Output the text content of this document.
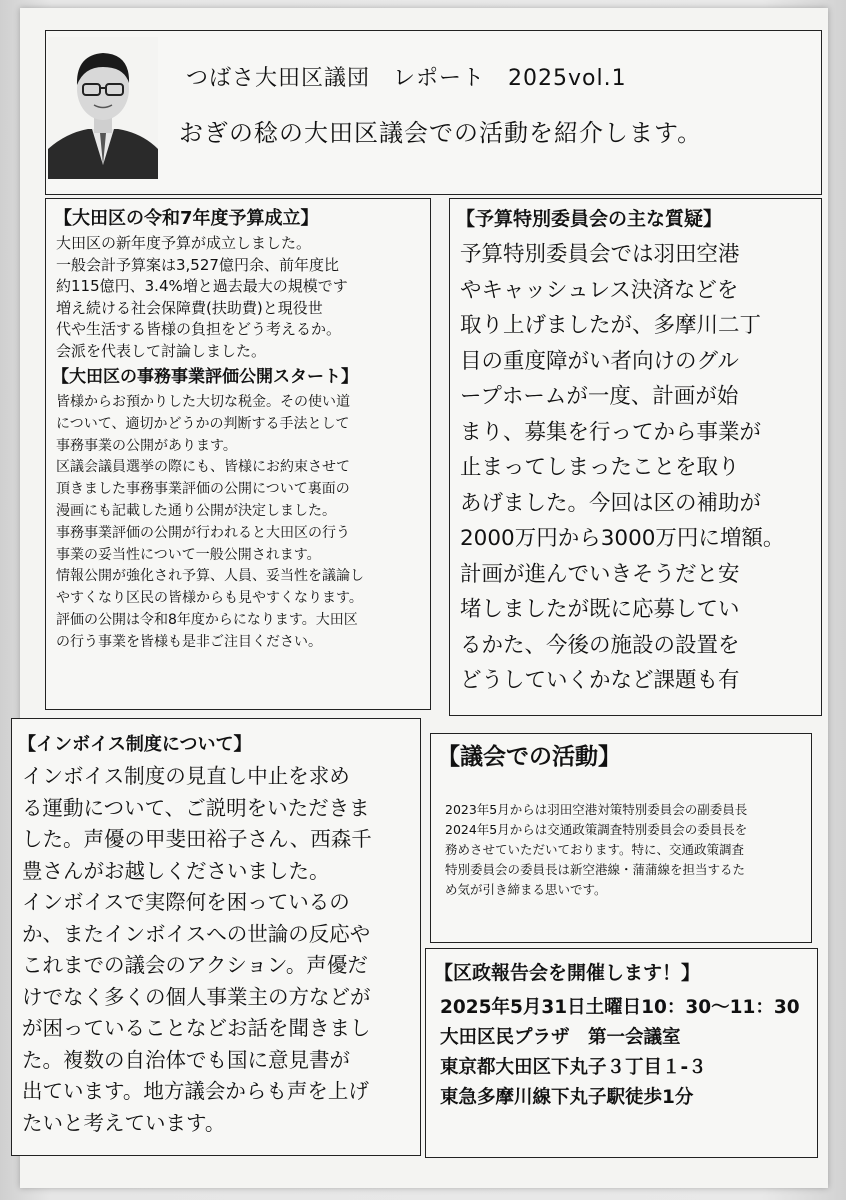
つばさ大田区議団　レポート　2025vol.1
おぎの稔の大田区議会での活動を紹介します。
【大田区の令和7年度予算成立】
大田区の新年度予算が成立しました。
一般会計予算案は3,527億円余、前年度比
約115億円、3.4%増と過去最大の規模です
増え続ける社会保障費(扶助費)と現役世
代や生活する皆様の負担をどう考えるか。
会派を代表して討論しました。
【大田区の事務事業評価公開スタート】
皆様からお預かりした大切な税金。その使い道
について、適切かどうかの判断する手法として
事務事業の公開があります。
区議会議員選挙の際にも、皆様にお約束させて
頂きました事務事業評価の公開について裏面の
漫画にも記載した通り公開が決定しました。
事務事業評価の公開が行われると大田区の行う
事業の妥当性について一般公開されます。
情報公開が強化され予算、人員、妥当性を議論し
やすくなり区民の皆様からも見やすくなります。
評価の公開は令和8年度からになります。大田区
の行う事業を皆様も是非ご注目ください。
【予算特別委員会の主な質疑】
予算特別委員会では羽田空港
やキャッシュレス決済などを
取り上げましたが、多摩川二丁
目の重度障がい者向けのグル
ープホームが一度、計画が始
まり、募集を行ってから事業が
止まってしまったことを取り
あげました。今回は区の補助が
2000万円から3000万円に増額。
計画が進んでいきそうだと安
堵しましたが既に応募してい
るかた、今後の施設の設置を
どうしていくかなど課題も有
【インボイス制度について】
インボイス制度の見直し中止を求め
る運動について、ご説明をいただきま
した。声優の甲斐田裕子さん、西森千
豊さんがお越しくださいました。
インボイスで実際何を困っているの
か、またインボイスへの世論の反応や
これまでの議会のアクション。声優だ
けでなく多くの個人事業主の方などが
が困っていることなどお話を聞きまし
た。複数の自治体でも国に意見書が
出ています。地方議会からも声を上げ
たいと考えています。
【議会での活動】
2023年5月からは羽田空港対策特別委員会の副委員長
2024年5月からは交通政策調査特別委員会の委員長を
務めさせていただいております。特に、交通政策調査
特別委員会の委員長は新空港線・蒲蒲線を担当するた
め気が引き締まる思いです。
【区政報告会を開催します！】
2025年5月31日土曜日10：30～11：30
大田区民プラザ　第一会議室
東京都大田区下丸子３丁目１-３
東急多摩川線下丸子駅徒歩1分
